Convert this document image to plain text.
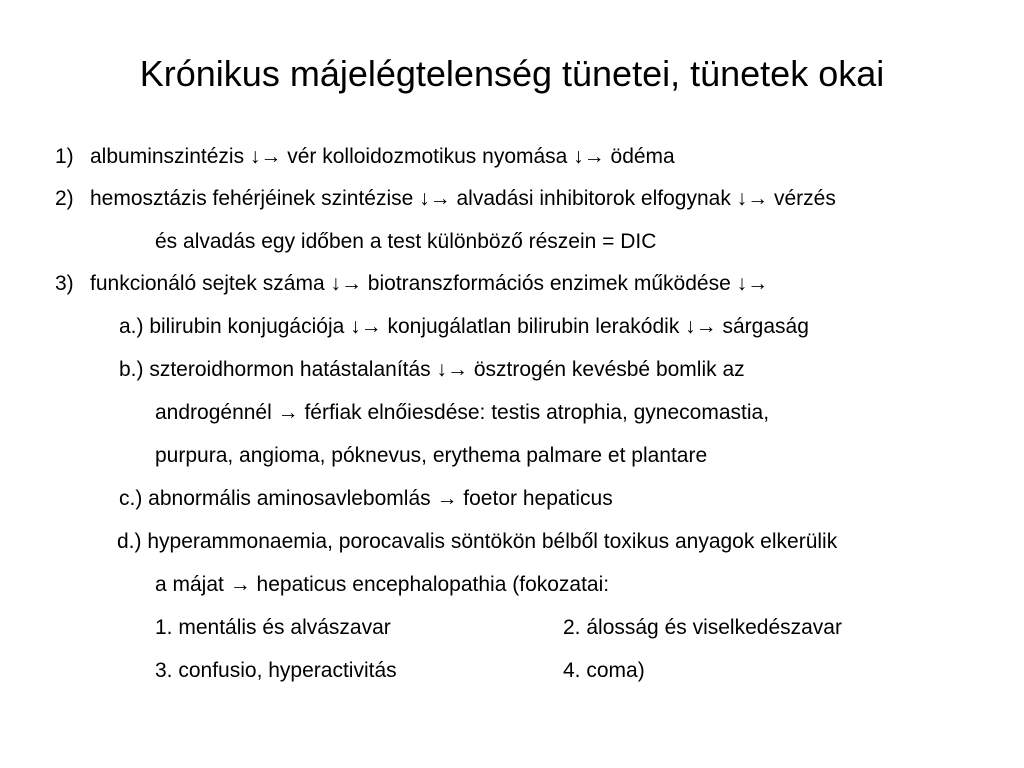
Krónikus májelégtelenség tünetei, tünetek okai
1) albuminszintézis ↓→ vér kolloidozmotikus nyomása ↓→ ödéma
2) hemosztázis fehérjéinek szintézise ↓→ alvadási inhibitorok elfogynak ↓→ vérzés
és alvadás egy időben a test különböző részein = DIC
3) funkcionáló sejtek száma ↓→ biotranszformációs enzimek működése ↓→
a.) bilirubin konjugációja ↓→ konjugálatlan bilirubin lerakódik ↓→ sárgaság
b.) szteroidhormon hatástalanítás ↓→ ösztrogén kevésbé bomlik az
androgénnél → férfiak elnőiesdése: testis atrophia, gynecomastia,
purpura, angioma, póknevus, erythema palmare et plantare
c.) abnormális aminosavlebomlás → foetor hepaticus
d.) hyperammonaemia, porocavalis söntökön bélből toxikus anyagok elkerülik
a májat → hepaticus encephalopathia (fokozatai:
1. mentális és alvászavar	2. álosság és viselkedészavar
3. confusio, hyperactivitás	4. coma)
